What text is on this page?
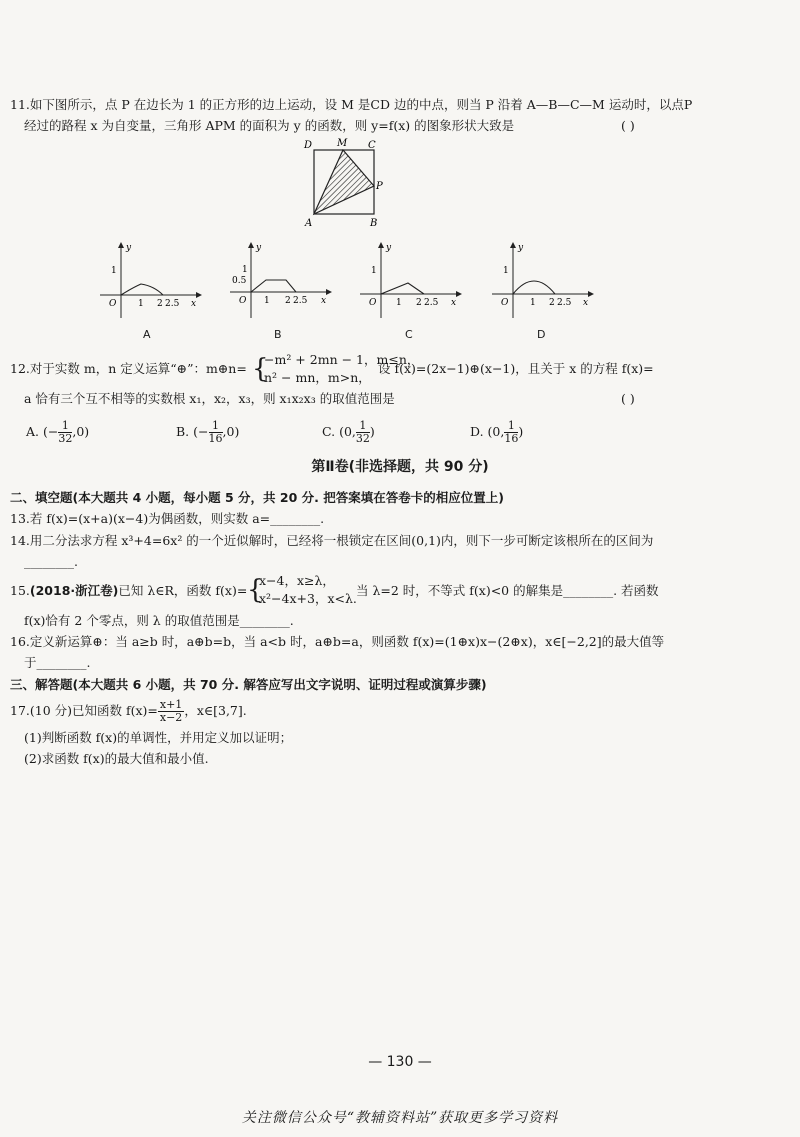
11.如下图所示，点 P 在边长为 1 的正方形的边上运动，设 M 是CD 边的中点，则当 P 沿着 A—B—C—M 运动时，以点P
经过的路程 x 为自变量，三角形 APM 的面积为 y 的函数，则 y=f(x) 的图象形状大致是	( )
D M C
P
A	B
y
1
O 1 2 2.5 x
A
y
1
0.5
O 1 2 2.5 x
B
y
1
O 1 2 2.5 x
C
y
1
O 1 2 2.5 x
D
12.对于实数 m，n 定义运算“⊕”：m⊕n= {
−m² + 2mn − 1，m≤n，
n² − mn，m>n，
设 f(x)=(2x−1)⊕(x−1)，且关于 x 的方程 f(x)=
a 恰有三个互不相等的实数根 x₁，x₂，x₃，则 x₁x₂x₃ 的取值范围是	( )
A. (− $\frac{1}{32} ,0$)	B. (− $\frac{1}{16} ,0$)	C. (0, $\frac{1}{32}$ )	D. (0, $\frac{1}{16}$ )
第Ⅱ卷(非选择题，共 90 分)
二、填空题(本大题共 4 小题，每小题 5 分，共 20 分. 把答案填在答卷卡的相应位置上)
13.若 f(x)=(x+a)(x−4)为偶函数，则实数 a=________.
14.用二分法求方程 x³+4=6x² 的一个近似解时，已经将一根锁定在区间(0,1)内，则下一步可断定该根所在的区间为
________.
15.(2018·浙江卷)已知 λ∈R，函数 f(x)= {
x−4，x≥λ，
x²−4x+3，x<λ.
当 λ=2 时，不等式 f(x)<0 的解集是________. 若函数
f(x)恰有 2 个零点，则 λ 的取值范围是________.
16.定义新运算⊕：当 a≥b 时，a⊕b=b，当 a<b 时，a⊕b=a，则函数 f(x)=(1⊕x)x−(2⊕x)，x∈[−2,2]的最大值等
于________.
三、解答题(本大题共 6 小题，共 70 分. 解答应写出文字说明、证明过程或演算步骤)
17.(10 分)已知函数 $f(x)= \frac{x+1}{x-2}$ ，x∈[3,7].
(1)判断函数 f(x)的单调性，并用定义加以证明；
(2)求函数 f(x)的最大值和最小值.
— 130 —
关注微信公众号“教辅资料站”获取更多学习资料
